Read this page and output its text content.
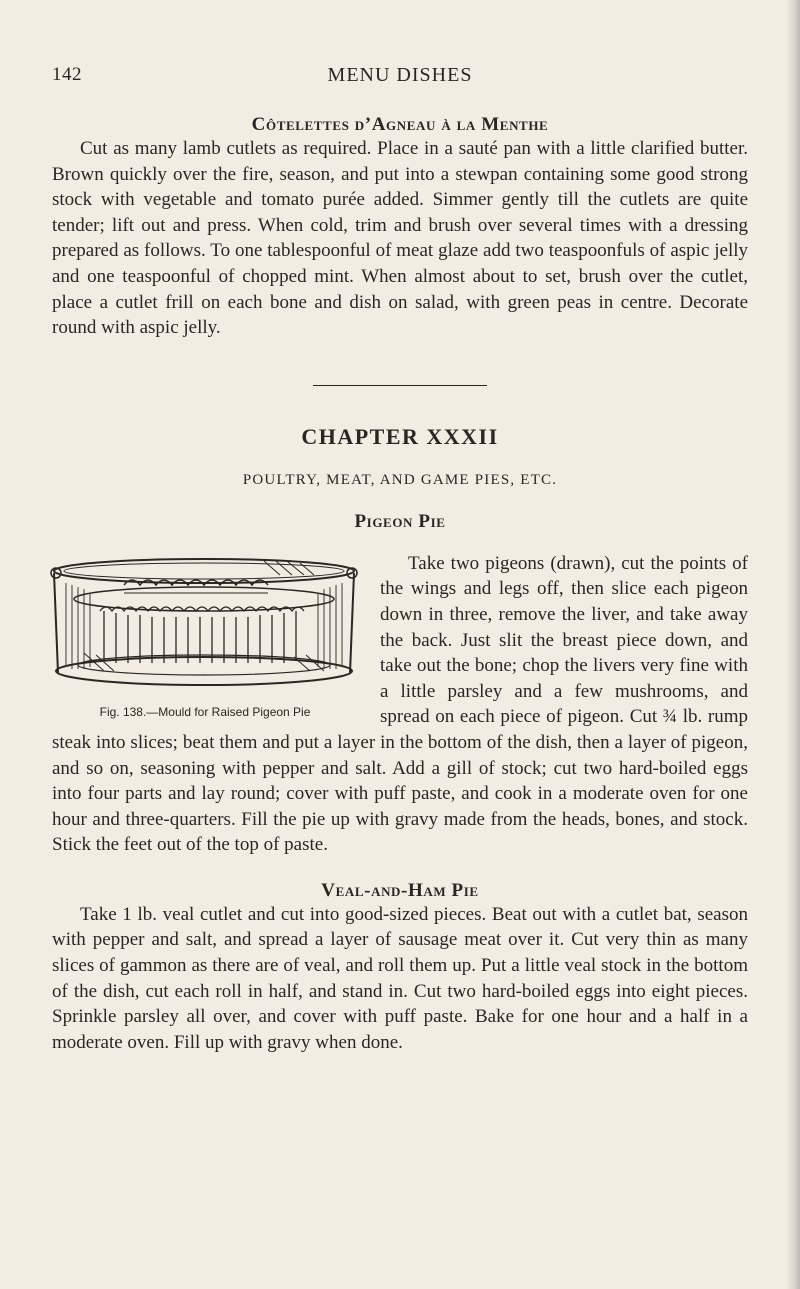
142	MENU DISHES
Côtelettes d’Agneau à la Menthe

Cut as many lamb cutlets as required. Place in a sauté pan with a little clarified butter. Brown quickly over the fire, season, and put into a stewpan containing some good strong stock with vegetable and tomato purée added. Simmer gently till the cutlets are quite tender; lift out and press. When cold, trim and brush over several times with a dressing prepared as follows. To one tablespoonful of meat glaze add two teaspoonfuls of aspic jelly and one teaspoonful of chopped mint. When almost about to set, brush over the cutlet, place a cutlet frill on each bone and dish on salad, with green peas in centre. Decorate round with aspic jelly.

CHAPTER XXXII
POULTRY, MEAT, AND GAME PIES, ETC.
Pigeon Pie
Fig. 138.—Mould for Raised Pigeon Pie

Take two pigeons (drawn), cut the points of the wings and legs off, then slice each pigeon down in three, remove the liver, and take away the back. Just slit the breast piece down, and take out the bone; chop the livers very fine with a little parsley and a few mushrooms, and spread on each piece of pigeon. Cut ¾ lb. rump steak into slices; beat them and put a layer in the bottom of the dish, then a layer of pigeon, and so on, seasoning with pepper and salt. Add a gill of stock; cut two hard-boiled eggs into four parts and lay round; cover with puff paste, and cook in a moderate oven for one hour and three-quarters. Fill the pie up with gravy made from the heads, bones, and stock. Stick the feet out of the top of paste.

Veal-and-Ham Pie

Take 1 lb. veal cutlet and cut into good-sized pieces. Beat out with a cutlet bat, season with pepper and salt, and spread a layer of sausage meat over it. Cut very thin as many slices of gammon as there are of veal, and roll them up. Put a little veal stock in the bottom of the dish, cut each roll in half, and stand in. Cut two hard-boiled eggs into eight pieces. Sprinkle parsley all over, and cover with puff paste. Bake for one hour and a half in a moderate oven. Fill up with gravy when done.
